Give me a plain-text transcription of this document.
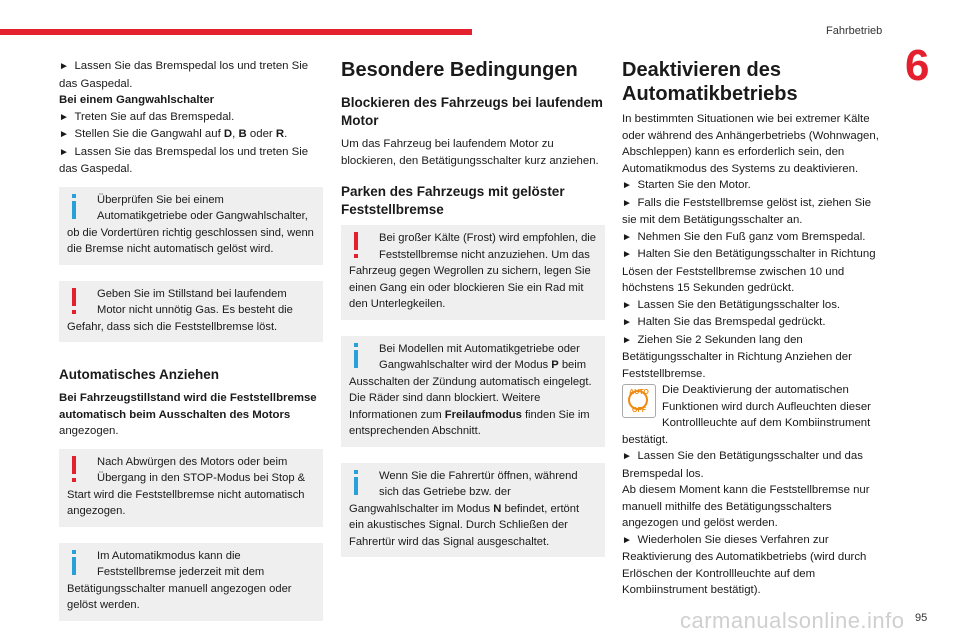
Fahrbetrieb
6

►  Lassen Sie das Bremspedal los und treten Sie das Gaspedal.

Bei einem Gangwahlschalter

►  Treten Sie auf das Bremspedal.

►  Stellen Sie die Gangwahl auf D, B oder R.

►  Lassen Sie das Bremspedal los und treten Sie das Gaspedal.

Überprüfen Sie bei einem Automatikgetriebe oder Gangwahlschalter, ob die Vordertüren richtig geschlossen sind, wenn die Bremse nicht automatisch gelöst wird.
Geben Sie im Stillstand bei laufendem Motor nicht unnötig Gas. Es besteht die Gefahr, dass sich die Feststellbremse löst.
Automatisches Anziehen

Bei Fahrzeugstillstand wird die Feststellbremse automatisch beim Ausschalten des Motors angezogen.

Nach Abwürgen des Motors oder beim Übergang in den STOP-Modus bei Stop & Start wird die Feststellbremse nicht automatisch angezogen.
Im Automatikmodus kann die Feststellbremse jederzeit mit dem Betätigungsschalter manuell angezogen oder gelöst werden.
Besondere Bedingungen
Blockieren des Fahrzeugs bei laufendem Motor

Um das Fahrzeug bei laufendem Motor zu blockieren, den Betätigungsschalter kurz anziehen.

Parken des Fahrzeugs mit gelöster Feststellbremse
Bei großer Kälte (Frost) wird empfohlen, die Feststellbremse nicht anzuziehen. Um das Fahrzeug gegen Wegrollen zu sichern, legen Sie einen Gang ein oder blockieren Sie ein Rad mit den Unterlegkeilen.
Bei Modellen mit Automatikgetriebe oder Gangwahlschalter wird der Modus P beim Ausschalten der Zündung automatisch eingelegt. Die Räder sind dann blockiert. Weitere Informationen zum Freilaufmodus finden Sie im entsprechenden Abschnitt.
Wenn Sie die Fahrertür öffnen, während sich das Getriebe bzw. der Gangwahlschalter im Modus N befindet, ertönt ein akustisches Signal. Durch Schließen der Fahrertür wird das Signal ausgeschaltet.
Deaktivieren des Automatikbetriebs

In bestimmten Situationen wie bei extremer Kälte oder während des Anhängerbetriebs (Wohnwagen, Abschleppen) kann es erforderlich sein, den Automatikmodus des Systems zu deaktivieren.

►  Starten Sie den Motor.

►  Falls die Feststellbremse gelöst ist, ziehen Sie sie mit dem Betätigungsschalter an.

►  Nehmen Sie den Fuß ganz vom Bremspedal.

►  Halten Sie den Betätigungsschalter in Richtung Lösen der Feststellbremse zwischen 10 und höchstens 15 Sekunden gedrückt.

►  Lassen Sie den Betätigungsschalter los.

►  Halten Sie das Bremspedal gedrückt.

►  Ziehen Sie 2 Sekunden lang den Betätigungsschalter in Richtung Anziehen der Feststellbremse.

AUTO
OFF
Die Deaktivierung der automatischen Funktionen wird durch Aufleuchten dieser Kontrollleuchte auf dem Kombiinstrument bestätigt.

►  Lassen Sie den Betätigungsschalter und das Bremspedal los.

Ab diesem Moment kann die Feststellbremse nur manuell mithilfe des Betätigungsschalters angezogen und gelöst werden.

►  Wiederholen Sie dieses Verfahren zur Reaktivierung des Automatikbetriebs (wird durch Erlöschen der Kontrollleuchte auf dem Kombiinstrument bestätigt).

carmanualsonline.info 95
